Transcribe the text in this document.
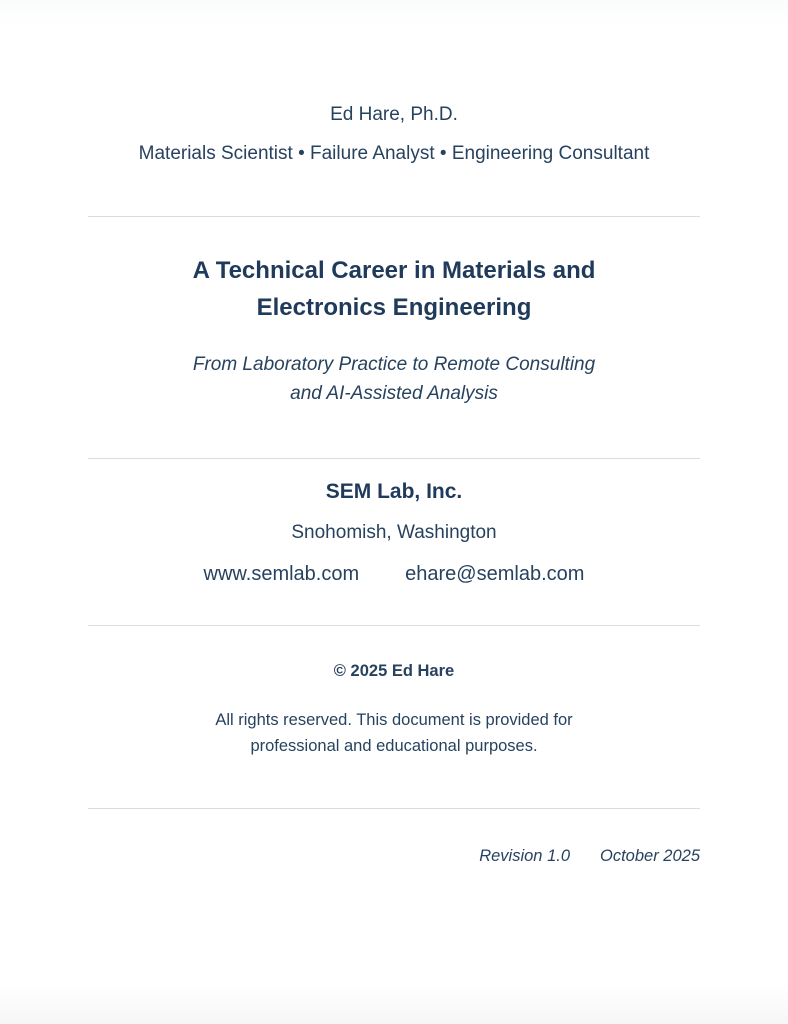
Ed Hare, Ph.D.
Materials Scientist • Failure Analyst • Engineering Consultant
A Technical Career in Materials and
Electronics Engineering
From Laboratory Practice to Remote Consulting
and AI-Assisted Analysis
SEM Lab, Inc.
Snohomish, Washington
www.semlab.com ehare@semlab.com
© 2025 Ed Hare
All rights reserved. This document is provided for
professional and educational purposes.
Revision 1.0 October 2025
